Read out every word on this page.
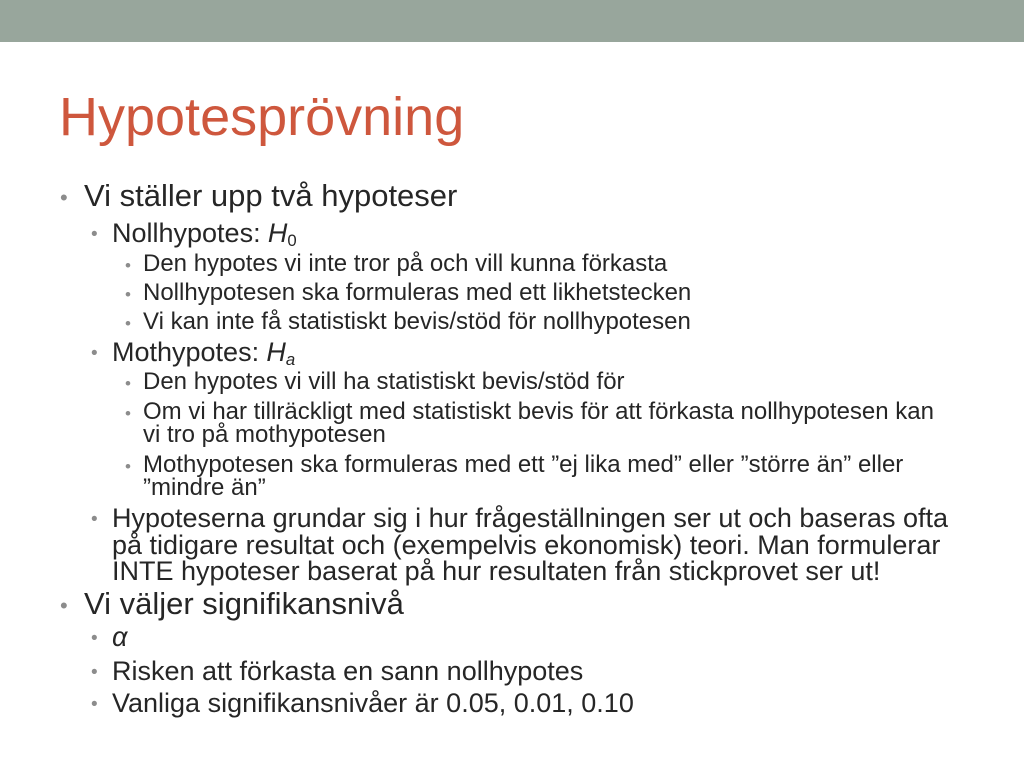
Hypotesprövning
• Vi ställer upp två hypoteser
• Nollhypotes: $H_0$
• Den hypotes vi inte tror på och vill kunna förkasta
• Nollhypotesen ska formuleras med ett likhetstecken
• Vi kan inte få statistiskt bevis/stöd för nollhypotesen
• Mothypotes: $H_a$
• Den hypotes vi vill ha statistiskt bevis/stöd för
• Om vi har tillräckligt med statistiskt bevis för att förkasta nollhypotesen kan
vi tro på mothypotesen
• Mothypotesen ska formuleras med ett ”ej lika med” eller ”större än” eller
”mindre än”
• Hypoteserna grundar sig i hur frågeställningen ser ut och baseras ofta
på tidigare resultat och (exempelvis ekonomisk) teori. Man formulerar
INTE hypoteser baserat på hur resultaten från stickprovet ser ut!
• Vi väljer signifikansnivå
• α
• Risken att förkasta en sann nollhypotes
• Vanliga signifikansnivåer är 0.05, 0.01, 0.10
